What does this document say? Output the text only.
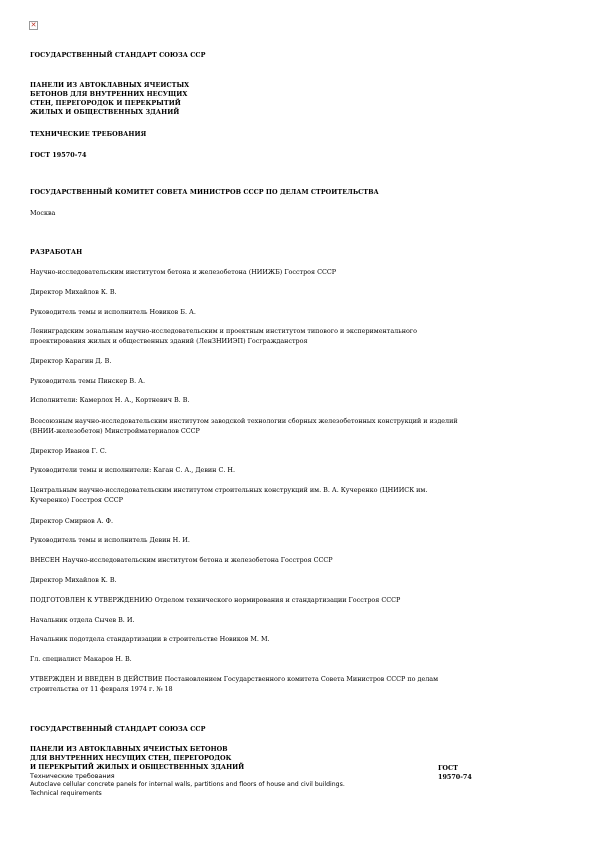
✕
ГОСУДАРСТВЕННЫЙ СТАНДАРТ СОЮЗА ССР
ПАНЕЛИ ИЗ АВТОКЛАВНЫХ ЯЧЕИСТЫХ
БЕТОНОВ ДЛЯ ВНУТРЕННИХ НЕСУЩИХ
СТЕН, ПЕРЕГОРОДОК И ПЕРЕКРЫТИЙ
ЖИЛЫХ И ОБЩЕСТВЕННЫХ ЗДАНИЙ
ТЕХНИЧЕСКИЕ ТРЕБОВАНИЯ
ГОСТ 19570-74
ГОСУДАРСТВЕННЫЙ КОМИТЕТ СОВЕТА МИНИСТРОВ СССР ПО ДЕЛАМ СТРОИТЕЛЬСТВА
Москва
РАЗРАБОТАН
Научно-исследовательским институтом бетона и железобетона (НИИЖБ) Госстроя СССР
Директор Михайлов К. В.
Руководитель темы и исполнитель Новиков Б. А.
Ленинградским зональным научно-исследовательским и проектным институтом типового и экспериментального
проектирования жилых и общественных зданий (ЛенЗНИИЭП) Госгражданстроя
Директор Карагин Д. В.
Руководитель темы Пинскер В. А.
Исполнители: Камерлох Н. А., Кортневич В. В.
Всесоюзным научно-исследовательским институтом заводской технологии сборных железобетонных конструкций и изделий
(ВНИИ-железобетон) Минстройматериалов СССР
Директор Иванов Г. С.
Руководители темы и исполнители: Каган С. А., Девин С. Н.
Центральным научно-исследовательским институтом строительных конструкций им. В. А. Кучеренко (ЦНИИСК им.
Кучеренко) Госстроя СССР
Директор Смирнов А. Ф.
Руководитель темы и исполнитель Девин Н. И.
ВНЕСЕН Научно-исследовательским институтом бетона и железобетона Госстроя СССР
Директор Михайлов К. В.
ПОДГОТОВЛЕН К УТВЕРЖДЕНИЮ Отделом технического нормирования и стандартизации Госстроя СССР
Начальник отдела Сычев В. И.
Начальник подотдела стандартизации в строительстве Новиков М. М.
Гл. специалист Макаров Н. В.
УТВЕРЖДЕН И ВВЕДЕН В ДЕЙСТВИЕ Постановлением Государственного комитета Совета Министров СССР по делам
строительства от 11 февраля 1974 г. № 18
ГОСУДАРСТВЕННЫЙ СТАНДАРТ СОЮЗА ССР
ПАНЕЛИ ИЗ АВТОКЛАВНЫХ ЯЧЕИСТЫХ БЕТОНОВ
ДЛЯ ВНУТРЕННИХ НЕСУЩИХ СТЕН, ПЕРЕГОРОДОК
И ПЕРЕКРЫТИЙ ЖИЛЫХ И ОБЩЕСТВЕННЫХ ЗДАНИЙ
Технические требования
Autoclave cellular concrete panels for internal walls, partitions and floors of house and civil buildings.
Technical requirements
ГОСТ
19570-74
